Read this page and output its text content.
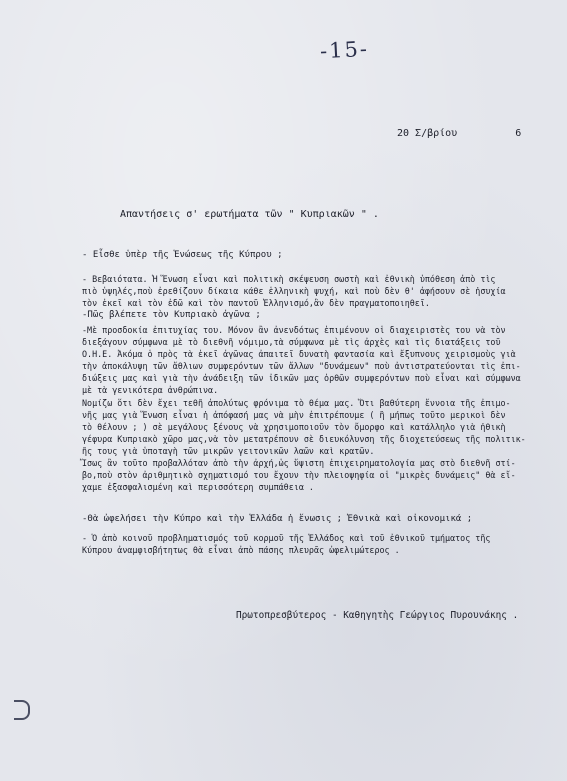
-15-
20 Σ/βρίου	6
Απαντήσεις σ' ερωτήματα τῶν " Κυπριακῶν " .
- Εἶσθε ὑπὲρ τῆς Ἑνώσεως τῆς Κύπρου ;
- Βεβαιότατα. Ἡ Ἕνωση εἶναι καὶ πολιτικὴ σκέψευση σωστὴ καὶ ἐθνικὴ ὑπόθεση ἀπὸ τὶς
πιὸ ὑψηλές,ποὺ ἐρεθίζουν δίκαια κάθε ἑλληνικὴ ψυχή, καὶ ποὺ δὲν θ' ἀφήσουν σὲ ἡσυχία
τὸν ἐκεῖ καὶ τὸν ἐδῶ καὶ τὸν παντοῦ Ἑλληνισμό,ἂν δὲν πραγματοποιηθεῖ.
-Πῶς βλέπετε τὸν Κυπριακὸ ἀγῶνα ;
-Μὲ προσδοκία ἐπιτυχίας του. Μόνον ἂν ἀνενδότως ἐπιμένουν οἱ διαχειριστὲς του νὰ τὸν
διεξάγουν σύμφωνα μὲ τὸ διεθνῆ νόμιμο,τὰ σύμφωνα μὲ τὶς ἀρχὲς καὶ τὶς διατάξεις τοῦ
Ο.Η.Ε. Ἀκόμα ὁ πρὸς τὰ ἐκεῖ ἀγῶνας ἀπαιτεῖ δυνατὴ φαντασία καὶ ἔξυπνους χειρισμοὺς γιὰ
τὴν ἀποκάλυψη τῶν ἄθλιων συμφερόντων τῶν ἄλλων "δυνάμεων" ποὺ ἀντιστρατεύονται τὶς ἐπι-
διώξεις μας καὶ γιὰ τὴν ἀνάδειξη τῶν ἰδικῶν μας ὀρθῶν συμφερόντων ποὺ εἶναι καὶ σύμφωνα
μὲ τὰ γενικότερα ἀνθρώπινα.
Νομίζω ὅτι δὲν ἔχει τεθῆ ἀπολύτως φρόνιμα τὸ θέμα μας. Ὅτι βαθύτερη ἔννοια τῆς ἐπιμο-
νῆς μας γιὰ Ἕνωση εἶναι ἡ ἀπόφασή μας νὰ μὴν ἐπιτρέπουμε ( ἢ μήπως τοῦτο μερικοὶ δὲν
τὸ θέλουν ; ) σὲ μεγάλους ξένους νὰ χρησιμοποιοῦν τὸν ὄμορφο καὶ κατάλληλο γιὰ ἠθικὴ
γέφυρα Κυπριακὸ χῶρο μας,νὰ τὸν μετατρέπουν σὲ διευκόλυνση τῆς διοχετεύσεως τῆς πολιτικ-
ῆς τους γιὰ ὑποταγὴ τῶν μικρῶν γειτονικῶν λαῶν καὶ κρατῶν.
Ἴσως ἂν τοῦτο προβαλλόταν ἀπὸ τὴν ἀρχή,ὡς ὕψιστη ἐπιχειρηματολογία μας στὸ διεθνῆ στί-
βο,ποὺ στὸν ἀριθμητικὸ σχηματισμό του ἔχουν τὴν πλειοψηφία οἱ "μικρὲς δυνάμεις" θὰ εἴ-
χαμε ἐξασφαλισμένη καὶ περισσότερη συμπάθεια .
-Θὰ ὠφελήσει τὴν Κύπρο καὶ τὴν Ἑλλάδα ἡ ἕνωσις ; Ἐθνικὰ καὶ οἰκονομικά ;
- Ὁ ἀπὸ κοινοῦ προβληματισμός τοῦ κορμοῦ τῆς Ἑλλάδος καὶ τοῦ ἐθνικοῦ τμήματος τῆς
Κύπρου ἀναμφισβήτητως θὰ εἶναι ἀπὸ πάσης πλευρᾶς ὠφελιμώτερος .
Πρωτοπρεσβύτερος - Καθηγητὴς Γεώργιος Πυρουνάκης .
